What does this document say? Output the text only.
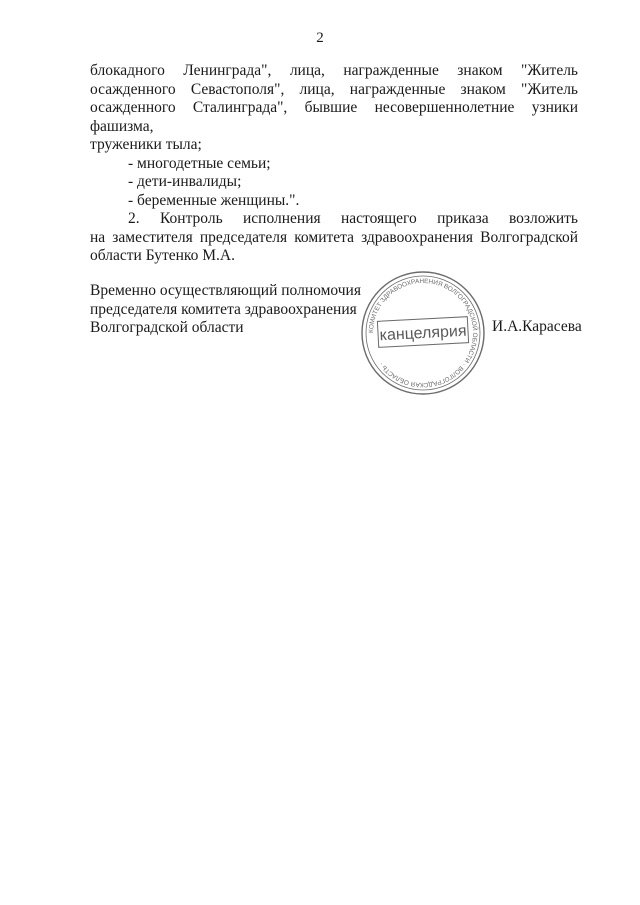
2
блокадного Ленинграда", лица, награжденные знаком "Житель
осажденного Севастополя", лица, награжденные знаком "Житель
осажденного Сталинграда", бывшие несовершеннолетние узники фашизма,
труженики тыла;
- многодетные семьи;
- дети-инвалиды;
- беременные женщины.".
2. Контроль исполнения настоящего приказа возложить
на заместителя председателя комитета здравоохранения Волгоградской
области Бутенко М.А.
Временно осуществляющий полномочия
председателя комитета здравоохранения
Волгоградской области	И.А.Карасева
КОМИТЕТ ЗДРАВООХРАНЕНИЯ ВОЛГОГРАДСКОЙ ОБЛАСТИ · ВОЛГОГРАДСКАЯ ОБЛАСТЬ ·
канцелярия
